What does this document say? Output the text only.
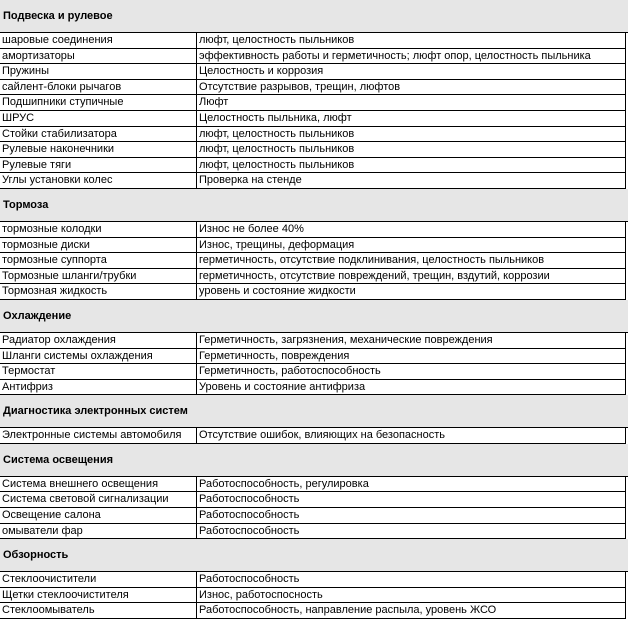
Подвеска и рулевое
шаровые соединения	люфт, целостность пыльников
амортизаторы	эффективность работы и герметичность; люфт опор, целостность пыльника
Пружины	Целостность и коррозия
сайлент-блоки рычагов	Отсутствие разрывов, трещин, люфтов
Подшипники ступичные	Люфт
ШРУС	Целостность пыльника, люфт
Стойки стабилизатора	люфт, целостность пыльников
Рулевые наконечники	люфт, целостность пыльников
Рулевые тяги	люфт, целостность пыльников
Углы установки колес	Проверка на стенде
Тормоза
тормозные колодки	Износ не более 40%
тормозные диски	Износ, трещины, деформация
тормозные суппорта	герметичность, отсутствие подклинивания, целостность пыльников
Тормозные шланги/трубки	герметичность, отсутствие повреждений, трещин, вздутий, коррозии
Тормозная жидкость	уровень и состояние жидкости
Охлаждение
Радиатор охлаждения	Герметичность, загрязнения, механические повреждения
Шланги системы охлаждения	Герметичность, повреждения
Термостат	Герметичность, работоспособность
Антифриз	Уровень и состояние антифриза
Диагностика электронных систем
Электронные системы автомобиля	Отсутствие ошибок, влияющих на безопасность
Система освещения
Система внешнего освещения	Работоспособность, регулировка
Система световой сигнализации	Работоспособность
Освещение салона	Работоспособность
омыватели фар	Работоспособность
Обзорность
Стеклоочистители	Работоспособность
Щетки стеклоочистителя	Износ, работоспосность
Стеклоомыватель	Работоспособность, направление распыла, уровень ЖСО
